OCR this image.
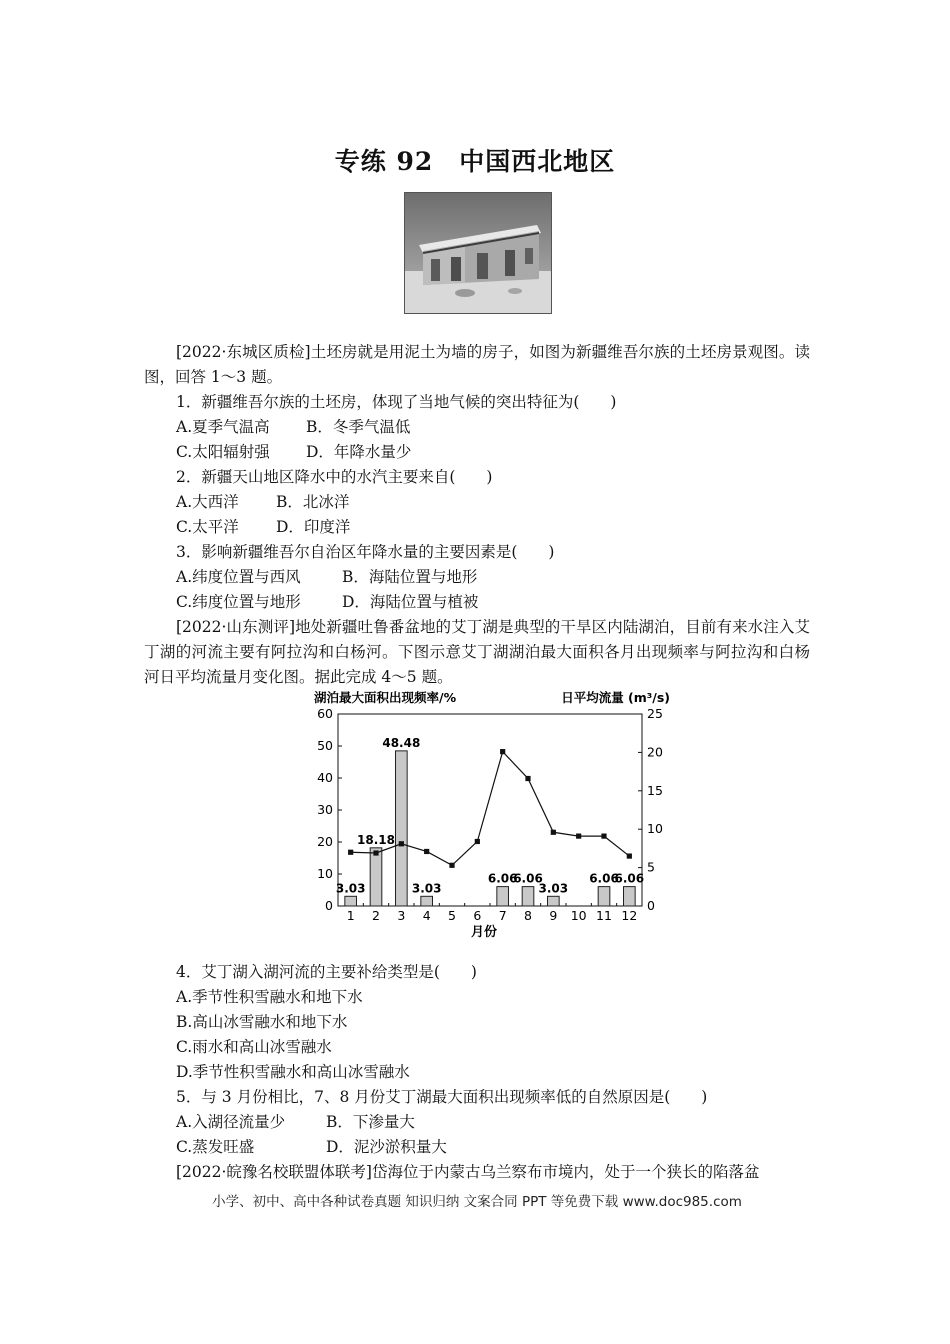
专练 92　中国西北地区

[2022·东城区质检]土坯房就是用泥土为墙的房子，如图为新疆维吾尔族的土坯房景观图。读图，回答 1～3 题。

1．新疆维吾尔族的土坯房，体现了当地气候的突出特征为(　　)
A.夏季气温高 B．冬季气温低
C.太阳辐射强 D．年降水量少
2．新疆天山地区降水中的水汽主要来自(　　)
A.大西洋 B．北冰洋
C.太平洋 D．印度洋
3．影响新疆维吾尔自治区年降水量的主要因素是(　　)
A.纬度位置与西风	B．海陆位置与地形
C.纬度位置与地形	D．海陆位置与植被

[2022·山东测评]地处新疆吐鲁番盆地的艾丁湖是典型的干旱区内陆湖泊，目前有来水注入艾丁湖的河流主要有阿拉沟和白杨河。下图示意艾丁湖湖泊最大面积各月出现频率与阿拉沟和白杨河日平均流量月变化图。据此完成 4～5 题。

湖泊最大面积出现频率/%	日平均流量 (m³/s)
月份
0
10
20
30
40
50
60
0
5
10
15
20
25
1 2 3 4 5 6 7 8 9 10 11 12
3.03
18.18
48.48
3.03
6.06
6.06
3.03
6.06
6.06
4．艾丁湖入湖河流的主要补给类型是(　　)
A.季节性积雪融水和地下水
B.高山冰雪融水和地下水
C.雨水和高山冰雪融水
D.季节性积雪融水和高山冰雪融水
5．与 3 月份相比，7、8 月份艾丁湖最大面积出现频率低的自然原因是(　　)
A.入湖径流量少	B．下渗量大
C.蒸发旺盛	D．泥沙淤积量大

[2022·皖豫名校联盟体联考]岱海位于内蒙古乌兰察布市境内，处于一个狭长的陷落盆

小学、初中、高中各种试卷真题 知识归纳 文案合同 PPT 等免费下载 www.doc985.com
